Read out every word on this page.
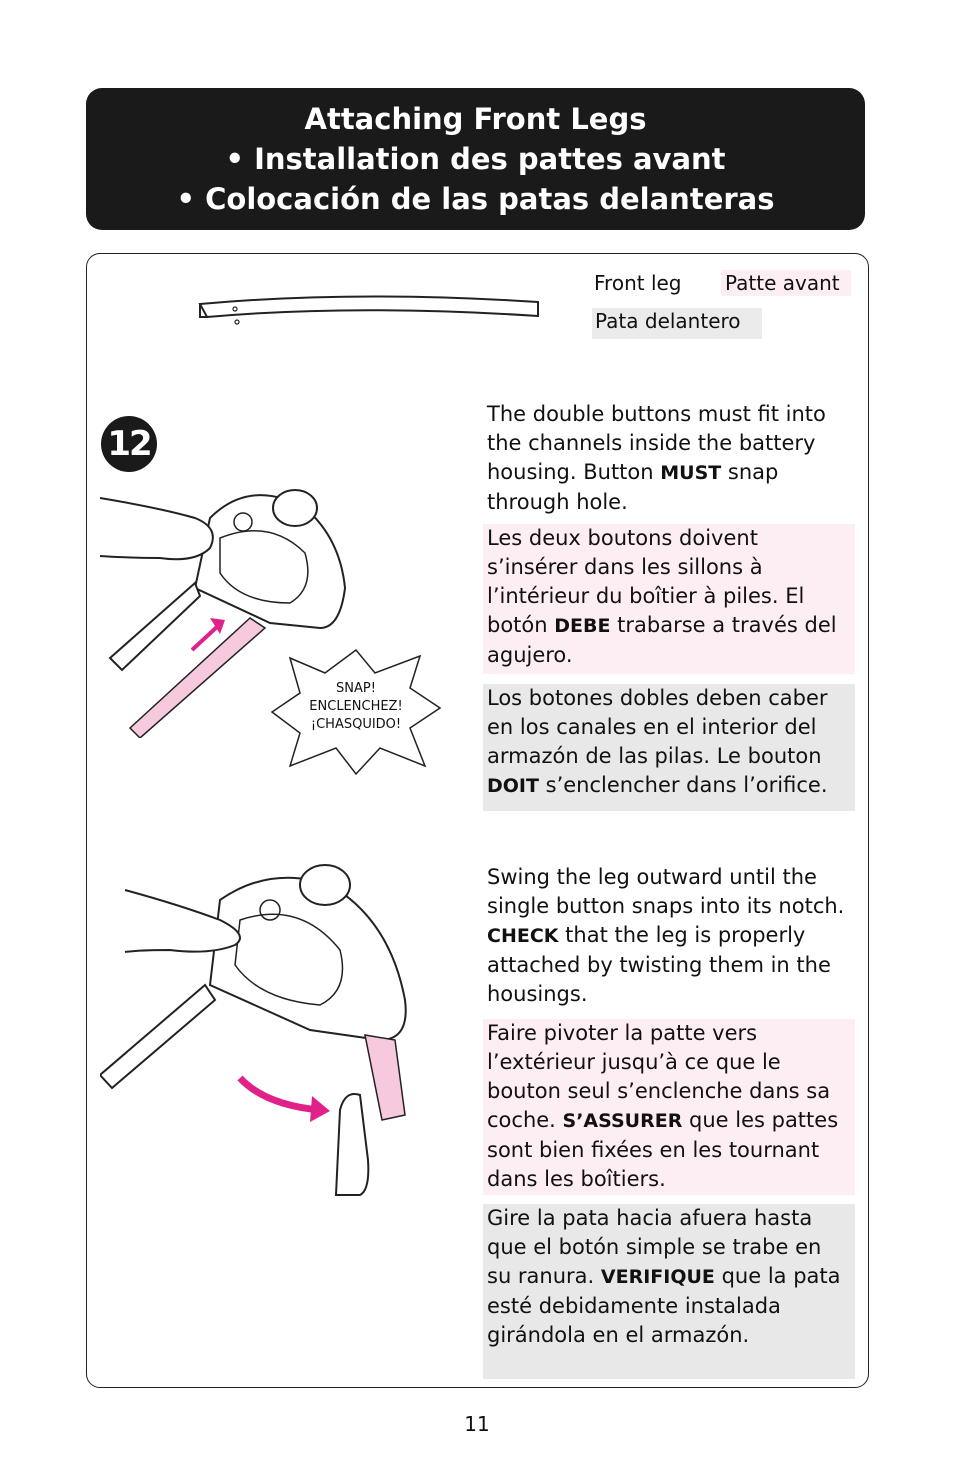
Attaching Front Legs
• Installation des pattes avant
• Colocación de las patas delanteras
Front leg Patte avant
Pata delantero
12
SNAP!
ENCLENCHEZ!
¡CHASQUIDO!
The double buttons must fit into the channels inside the battery housing. Button MUST snap through hole.
Les deux boutons doivent s’insérer dans les sillons à l’intérieur du boîtier à piles. El botón DEBE trabarse a través del agujero.
Los botones dobles deben caber en los canales en el interior del armazón de las pilas. Le bouton DOIT s’enclencher dans l’orifice.
Swing the leg outward until the single button snaps into its notch. CHECK that the leg is properly attached by twisting them in the housings.
Faire pivoter la patte vers l’extérieur jusqu’à ce que le bouton seul s’enclenche dans sa coche. S’ASSURER que les pattes sont bien fixées en les tournant dans les boîtiers.
Gire la pata hacia afuera hasta que el botón simple se trabe en su ranura. VERIFIQUE que la pata esté debidamente instalada girándola en el armazón.
11
